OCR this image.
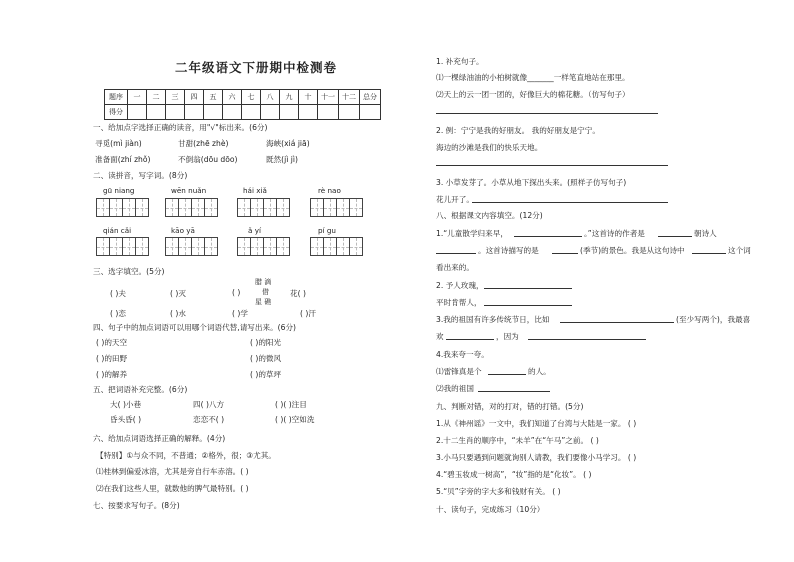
二年级语文下册期中检测卷
题序	一	二	三	四	五	六	七	八	九	十	十一	十二	总分
得分													
一、给加点字选择正确的读音，用"√"标出来。(6分)
寻觅(mì jiàn)	甘甜(zhē zhè)	海峡(xiá jiā)
准备面(zhí zhǒ)	不倒翁(dōu dōo)	既然(jì jì)
二、读拼音，写字词。(8分)
gū niang	wēn nuǎn	hái xiǎ	rè nao
qián cǎi	kāo yā	ǎ yí	pí gu
三、选字填空。(5分)
腊 滴
借
星 礁
( )夫	( )灭	( )	花( )
( )恋	( )水	( )学	( )汗
四、句子中的加点词语可以用哪个词语代替,请写出来。(6分)
( )的天空	( )的阳光
( )的田野	( )的微风
( )的解养	( )的草坪
五、把词语补充完整。(6分)
大( )小巷	四( )八方	( )( )注目
昏头昏( )	恋恋不( )	( )( )空如洗
六、给加点词语选择正确的解释。(4分)
【特别】①与众不同，不普通；②格外，很；③尤其。
⑴桂林到偏爱冰溶，尤其是旁自行车赤溶。( )
⑵在我们这些人里，就数他的脾气最特别。( )
七、按要求写句子。(8分)
1. 补充句子。
⑴一棵绿油油的小柏树就像_______一样笔直地站在那里。
⑵天上的云一团一团的，好像巨大的棉花糖。（仿写句子）
2. 例：宁宁是我的好朋友。 我的好朋友是宁宁。
海边的沙滩是我们的快乐天地。
3. 小草发芽了。小草从地下探出头来。(照样子仿写句子)
花儿开了。
八、根据课文内容填空。(12分)
1.“儿童散学归来早，	。”这首诗的作者是	朝诗人
。这首诗描写的是	(季节)的景色。我是从这句诗中	这个词
看出来的。
2. 予人玫瑰，
平时肯帮人，
3.我的祖国有许多传统节日，比如	(至少写两个)，我最喜
欢	，因为
4.我来夸一夸。
⑴雷锋真是个	的人。
⑵我的祖国
九、判断对错，对的打对，错的打错。(5分)
1.从《神州谣》一文中，我们知道了台湾与大陆是一家。 ( )
2.十二生肖的顺序中，“未羊”在“午马”之前。 ( )
3.小马只要遇到问题就询别人请教，我们要像小马学习。 ( )
4.“碧玉妆成一树高”，“妆”指的是“化妆”。 ( )
5.“贝”字旁的字大多和钱财有关。 ( )
十、读句子，完成练习（10分）
